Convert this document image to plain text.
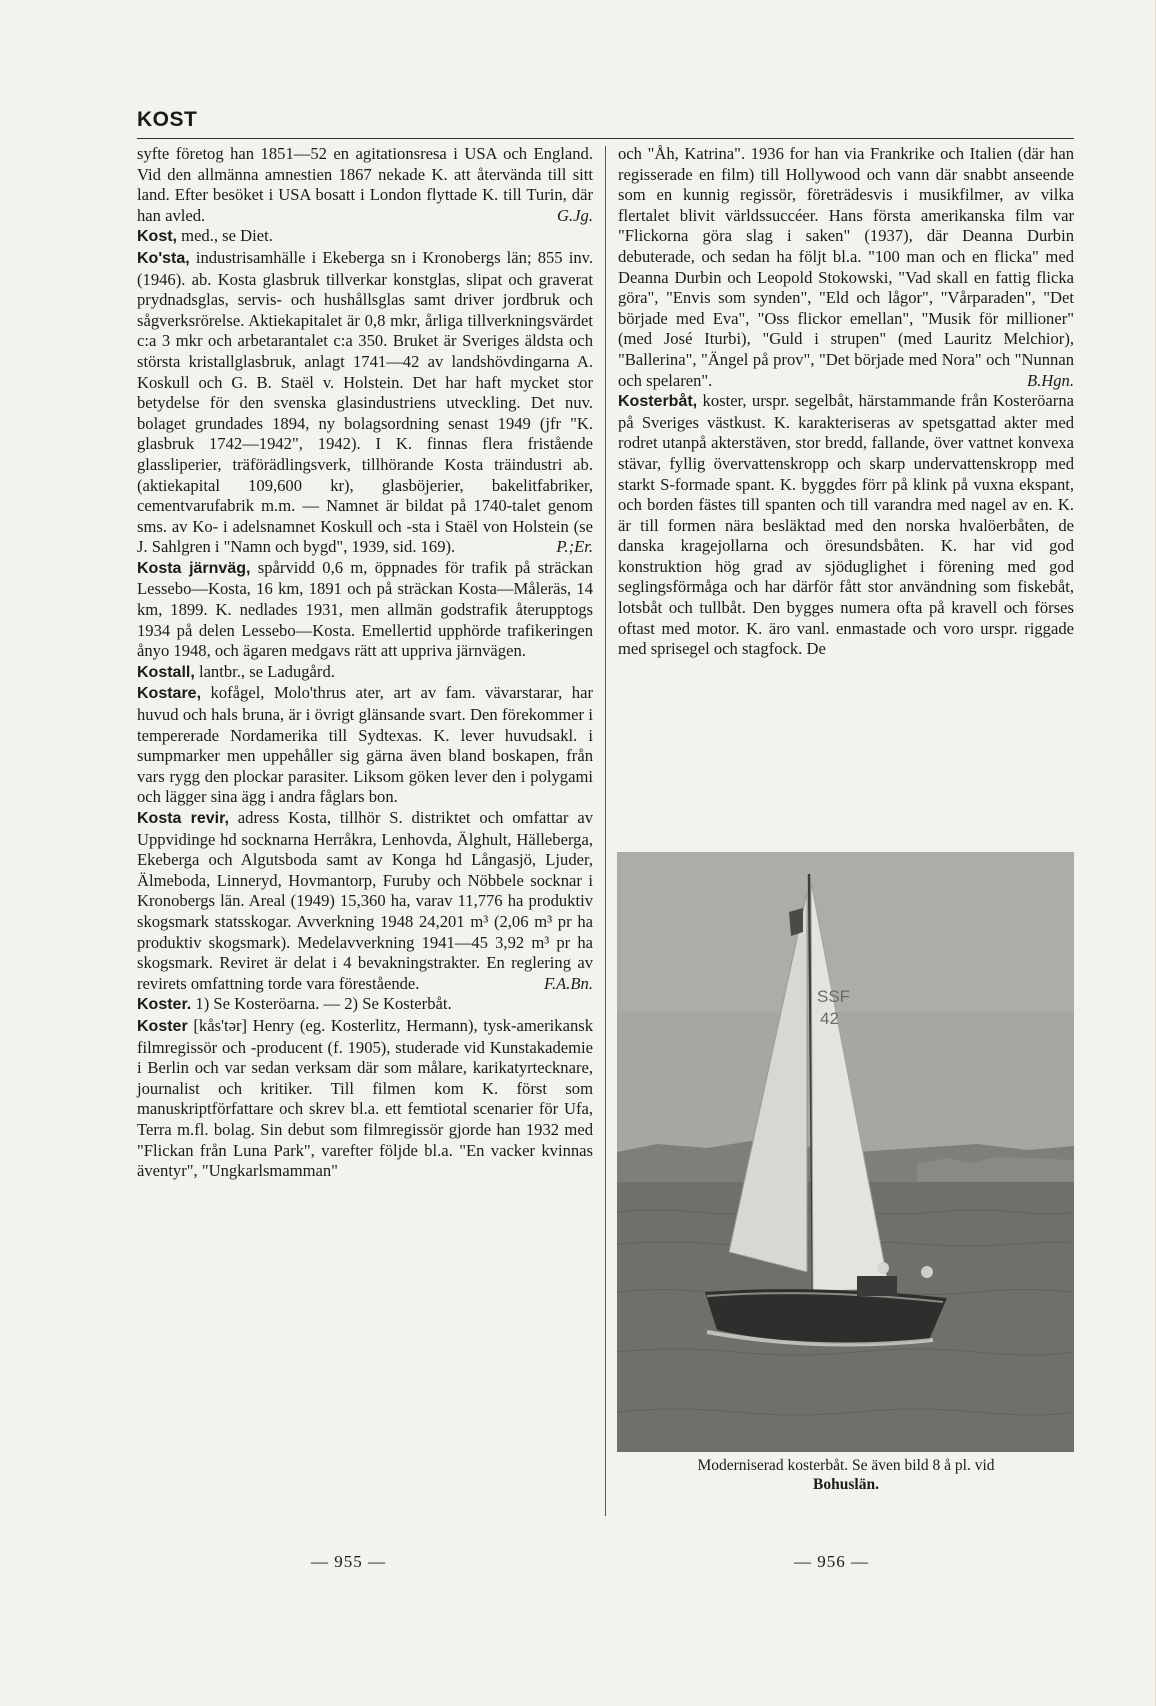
KOST

syfte företog han 1851—52 en agitationsresa i USA och England. Vid den allmänna amnestien 1867 nekade K. att återvända till sitt land. Efter besöket i USA bosatt i London flyttade K. till Turin, där han avled.	G.Jg.

Kost, med., se Diet.

Ko'sta, industrisamhälle i Ekeberga sn i Kronobergs län; 855 inv. (1946). ab. Kosta glasbruk tillverkar konstglas, slipat och graverat prydnadsglas, servis- och hushållsglas samt driver jordbruk och sågverksrörelse. Aktiekapitalet är 0,8 mkr, årliga tillverkningsvärdet c:a 3 mkr och arbetarantalet c:a 350. Bruket är Sveriges äldsta och största kristallglasbruk, anlagt 1741—42 av landshövdingarna A. Koskull och G. B. Staël v. Holstein. Det har haft mycket stor betydelse för den svenska glasindustriens utveckling. Det nuv. bolaget grundades 1894, ny bolagsordning senast 1949 (jfr "K. glasbruk 1742—1942", 1942). I K. finnas flera fristående glassliperier, träförädlingsverk, tillhörande Kosta träindustri ab. (aktiekapital 109,600 kr), glasböjerier, bakelitfabriker, cementvarufabrik m.m. — Namnet är bildat på 1740-talet genom sms. av Ko- i adelsnamnet Koskull och -sta i Staël von Holstein (se J. Sahlgren i "Namn och bygd", 1939, sid. 169).	P.;Er.

Kosta järnväg, spårvidd 0,6 m, öppnades för trafik på sträckan Lessebo—Kosta, 16 km, 1891 och på sträckan Kosta—Måleräs, 14 km, 1899. K. nedlades 1931, men allmän godstrafik återupptogs 1934 på delen Lessebo—Kosta. Emellertid upphörde trafikeringen ånyo 1948, och ägaren medgavs rätt att uppriva järnvägen.

Kostall, lantbr., se Ladugård.

Kostare, kofågel, Molo'thrus ater, art av fam. vävarstarar, har huvud och hals bruna, är i övrigt glänsande svart. Den förekommer i tempererade Nordamerika till Sydtexas. K. lever huvudsakl. i sumpmarker men uppehåller sig gärna även bland boskapen, från vars rygg den plockar parasiter. Liksom göken lever den i polygami och lägger sina ägg i andra fåglars bon.

Kosta revir, adress Kosta, tillhör S. distriktet och omfattar av Uppvidinge hd socknarna Herråkra, Lenhovda, Älghult, Hälleberga, Ekeberga och Algutsboda samt av Konga hd Långasjö, Ljuder, Älmeboda, Linneryd, Hovmantorp, Furuby och Nöbbele socknar i Kronobergs län. Areal (1949) 15,360 ha, varav 11,776 ha produktiv skogsmark statsskogar. Avverkning 1948 24,201 m³ (2,06 m³ pr ha produktiv skogsmark). Medelavverkning 1941—45 3,92 m³ pr ha skogsmark. Reviret är delat i 4 bevakningstrakter. En reglering av revirets omfattning torde vara förestående.	F.A.Bn.

Koster. 1) Se Kosteröarna. — 2) Se Kosterbåt.

Koster [kås'tər] Henry (eg. Kosterlitz, Hermann), tysk-amerikansk filmregissör och -producent (f. 1905), studerade vid Kunstakademie i Berlin och var sedan verksam där som målare, karikatyrtecknare, journalist och kritiker. Till filmen kom K. först som manuskriptförfattare och skrev bl.a. ett femtiotal scenarier för Ufa, Terra m.fl. bolag. Sin debut som filmregissör gjorde han 1932 med "Flickan från Luna Park", varefter följde bl.a. "En vacker kvinnas äventyr", "Ungkarlsmamman"

och "Åh, Katrina". 1936 for han via Frankrike och Italien (där han regisserade en film) till Hollywood och vann där snabbt anseende som en kunnig regissör, företrädesvis i musikfilmer, av vilka flertalet blivit världssuccéer. Hans första amerikanska film var "Flickorna göra slag i saken" (1937), där Deanna Durbin debuterade, och sedan ha följt bl.a. "100 man och en flicka" med Deanna Durbin och Leopold Stokowski, "Vad skall en fattig flicka göra", "Envis som synden", "Eld och lågor", "Vårparaden", "Det började med Eva", "Oss flickor emellan", "Musik för millioner" (med José Iturbi), "Guld i strupen" (med Lauritz Melchior), "Ballerina", "Ängel på prov", "Det började med Nora" och "Nunnan och spelaren".	B.Hgn.

Kosterbåt, koster, urspr. segelbåt, härstammande från Kosteröarna på Sveriges västkust. K. karakteriseras av spetsgattad akter med rodret utanpå akterstäven, stor bredd, fallande, över vattnet konvexa stävar, fyllig övervattenskropp och skarp undervattenskropp med starkt S-formade spant. K. byggdes förr på klink på vuxna ekspant, och borden fästes till spanten och till varandra med nagel av en. K. är till formen nära besläktad med den norska hvalöerbåten, de danska kragejollarna och öresundsbåten. K. har vid god konstruktion hög grad av sjöduglighet i förening med god seglingsförmåga och har därför fått stor användning som fiskebåt, lotsbåt och tullbåt. Den bygges numera ofta på kravell och förses oftast med motor. K. äro vanl. enmastade och voro urspr. riggade med sprisegel och stagfock. De

SSF
42
Moderniserad kosterbåt. Se även bild 8 å pl. vid
Bohuslän.
— 955 —	— 956 —
